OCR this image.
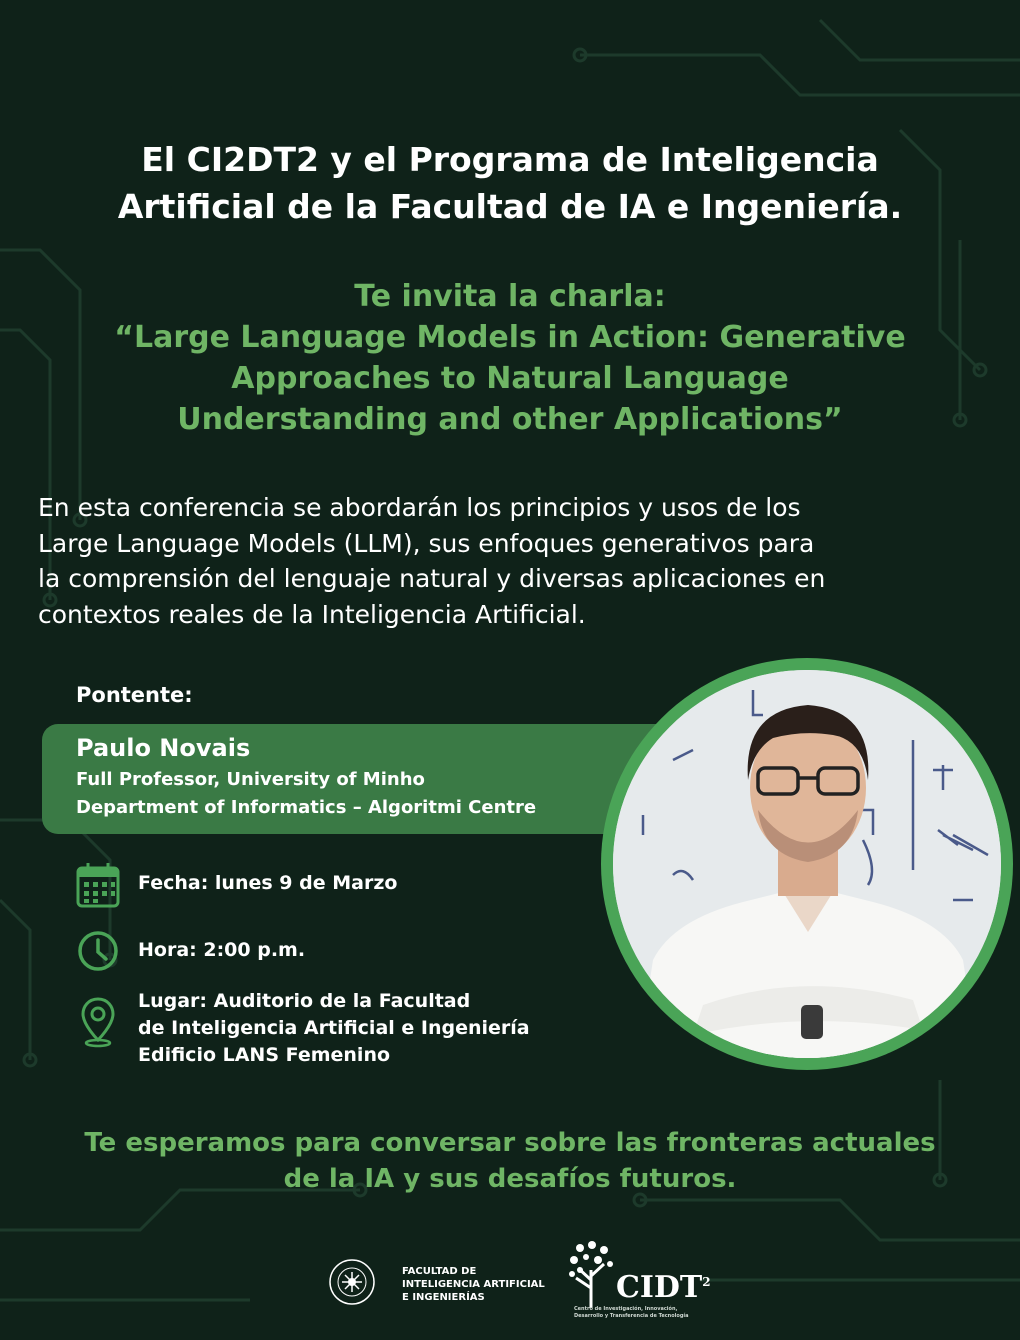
El CI2DT2 y el Programa de Inteligencia
Artificial de la Facultad de IA e Ingeniería.
Te invita la charla:
“Large Language Models in Action: Generative
Approaches to Natural Language
Understanding and other Applications”
En esta conferencia se abordarán los principios y usos de los
Large Language Models (LLM), sus enfoques generativos para
la comprensión del lenguaje natural y diversas aplicaciones en
contextos reales de la Inteligencia Artificial.
Pontente:
Paulo Novais
Full Professor, University of Minho
Department of Informatics – Algoritmi Centre
Fecha: lunes 9 de Marzo
Hora: 2:00 p.m.
Lugar: Auditorio de la Facultad
de Inteligencia Artificial e Ingeniería
Edificio LANS Femenino
Te esperamos para conversar sobre las fronteras actuales
de la IA y sus desafíos futuros.
FACULTAD DE
INTELIGENCIA ARTIFICIAL
E INGENIERÍAS	CIDT$^2$
Centro de Investigación, Innovación,
Desarrollo y Transferencia de Tecnología
